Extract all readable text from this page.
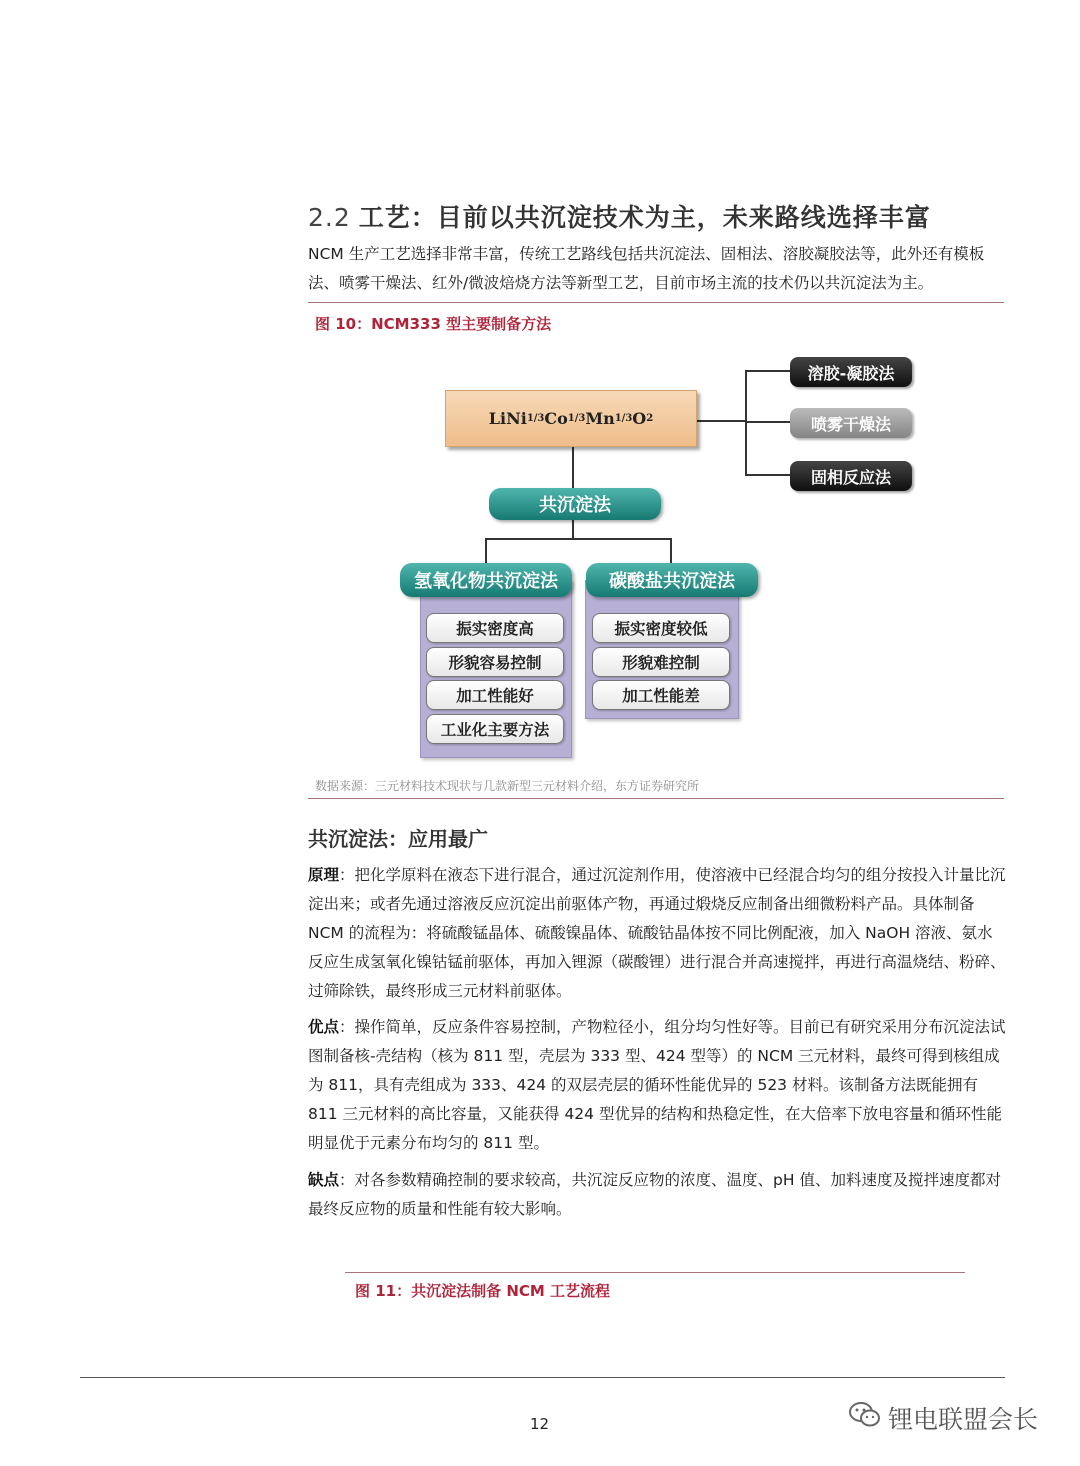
2.2 工艺：目前以共沉淀技术为主，未来路线选择丰富
NCM 生产工艺选择非常丰富，传统工艺路线包括共沉淀法、固相法、溶胶凝胶法等，此外还有模板法、喷雾干燥法、红外/微波焙烧方法等新型工艺，目前市场主流的技术仍以共沉淀法为主。
图 10：NCM333 型主要制备方法
LiNi 1/3 Co 1/3 Mn 1/3 O 2
溶胶-凝胶法
喷雾干燥法
固相反应法
共沉淀法
氢氧化物共沉淀法
振实密度高
形貌容易控制
加工性能好
工业化主要方法
碳酸盐共沉淀法
振实密度较低
形貌难控制
加工性能差
数据来源：三元材料技术现状与几款新型三元材料介绍，东方证券研究所
共沉淀法：应用最广
原理：把化学原料在液态下进行混合，通过沉淀剂作用，使溶液中已经混合均匀的组分按投入计量比沉淀出来；或者先通过溶液反应沉淀出前驱体产物，再通过煅烧反应制备出细微粉料产品。具体制备 NCM 的流程为：将硫酸锰晶体、硫酸镍晶体、硫酸钴晶体按不同比例配液，加入 NaOH 溶液、氨水反应生成氢氧化镍钴锰前驱体，再加入锂源（碳酸锂）进行混合并高速搅拌，再进行高温烧结、粉碎、过筛除铁，最终形成三元材料前驱体。
优点：操作简单，反应条件容易控制，产物粒径小，组分均匀性好等。目前已有研究采用分布沉淀法试图制备核-壳结构（核为 811 型，壳层为 333 型、424 型等）的 NCM 三元材料，最终可得到核组成为 811，具有壳组成为 333、424 的双层壳层的循环性能优异的 523 材料。该制备方法既能拥有 811 三元材料的高比容量，又能获得 424 型优异的结构和热稳定性，在大倍率下放电容量和循环性能明显优于元素分布均匀的 811 型。
缺点：对各参数精确控制的要求较高，共沉淀反应物的浓度、温度、pH 值、加料速度及搅拌速度都对最终反应物的质量和性能有较大影响。
图 11：共沉淀法制备 NCM 工艺流程
12	锂电联盟会长
